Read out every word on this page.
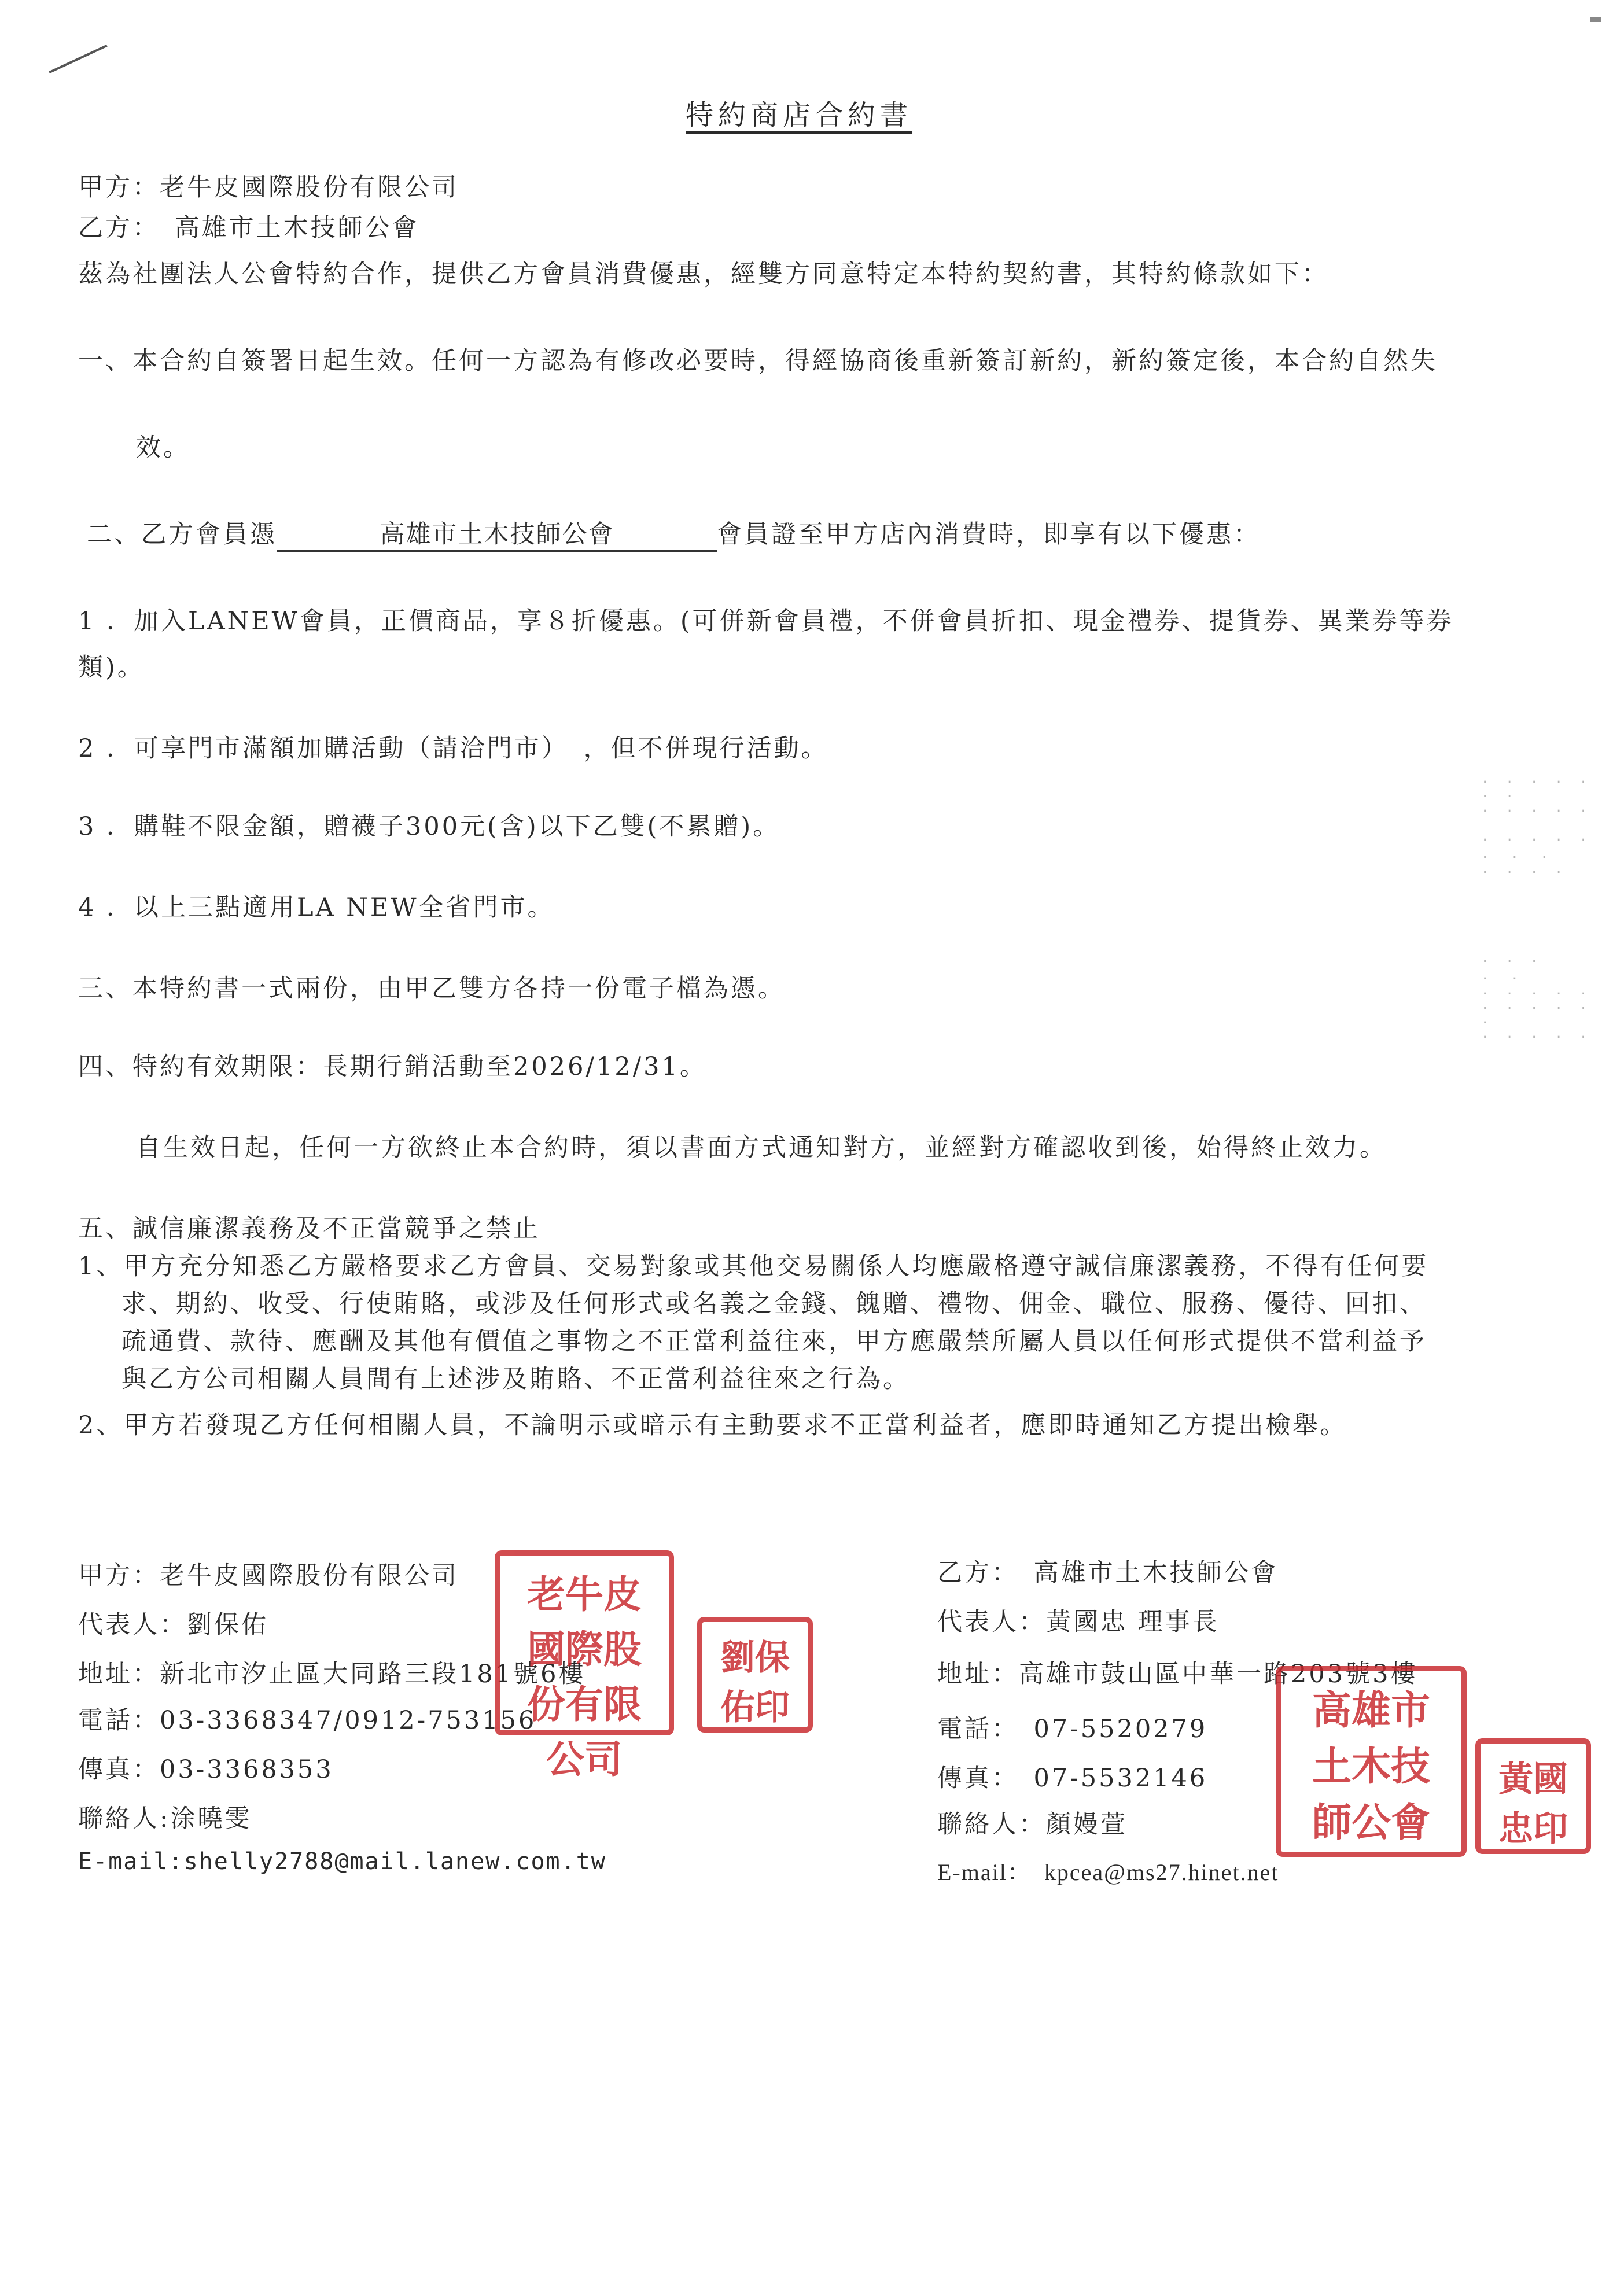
特約商店合約書
甲方：老牛皮國際股份有限公司
乙方：　高雄市土木技師公會
茲為社團法人公會特約合作，提供乙方會員消費優惠，經雙方同意特定本特約契約書，其特約條款如下：
一、本合約自簽署日起生效。任何一方認為有修改必要時，得經協商後重新簽訂新約，新約簽定後，本合約自然失
效。
二、乙方會員憑	高雄市土木技師公會	會員證至甲方店內消費時，即享有以下優惠：
1 ．加入LANEW會員，正價商品，享８折優惠。(可併新會員禮，不併會員折扣、現金禮券、提貨券、異業券等券
類)。
2 ．可享門市滿額加購活動（請洽門市）　，但不併現行活動。
3 ．購鞋不限金額，贈襪子300元(含)以下乙雙(不累贈)。
4 ．以上三點適用LA NEW全省門市。
三、本特約書一式兩份，由甲乙雙方各持一份電子檔為憑。
四、特約有效期限：長期行銷活動至2026/12/31。
自生效日起，任何一方欲終止本合約時，須以書面方式通知對方，並經對方確認收到後，始得終止效力。
五、誠信廉潔義務及不正當競爭之禁止
1、甲方充分知悉乙方嚴格要求乙方會員、交易對象或其他交易關係人均應嚴格遵守誠信廉潔義務，不得有任何要
求、期約、收受、行使賄賂，或涉及任何形式或名義之金錢、餽贈、禮物、佣金、職位、服務、優待、回扣、
疏通費、款待、應酬及其他有價值之事物之不正當利益往來，甲方應嚴禁所屬人員以任何形式提供不當利益予
與乙方公司相關人員間有上述涉及賄賂、不正當利益往來之行為。
2、甲方若發現乙方任何相關人員，不論明示或暗示有主動要求不正當利益者，應即時通知乙方提出檢舉。
· · · · ·
· ·
· · · · ·

· · · · ·
·　·　·
· · · ·
· · ·
·　·
· · · · ·
· · · · ·
·
· · · · ·
甲方：老牛皮國際股份有限公司
代表人：劉保佑
地址：新北市汐止區大同路三段181號6樓
電話：03-3368347/0912-753156
傳真：03-3368353
聯絡人:涂曉雯
E-mail:shelly2788@mail.lanew.com.tw
老牛皮
國際股
份有限
公司
劉保
佑印
乙方：　高雄市土木技師公會
代表人：黃國忠 理事長
地址：高雄市鼓山區中華一路203號3樓
電話：　07-5520279
傳真：　07-5532146
聯絡人：顏嫚萱
E-mail：　kpcea@ms27.hinet.net
高雄市
土木技
師公會
黃國
忠印
